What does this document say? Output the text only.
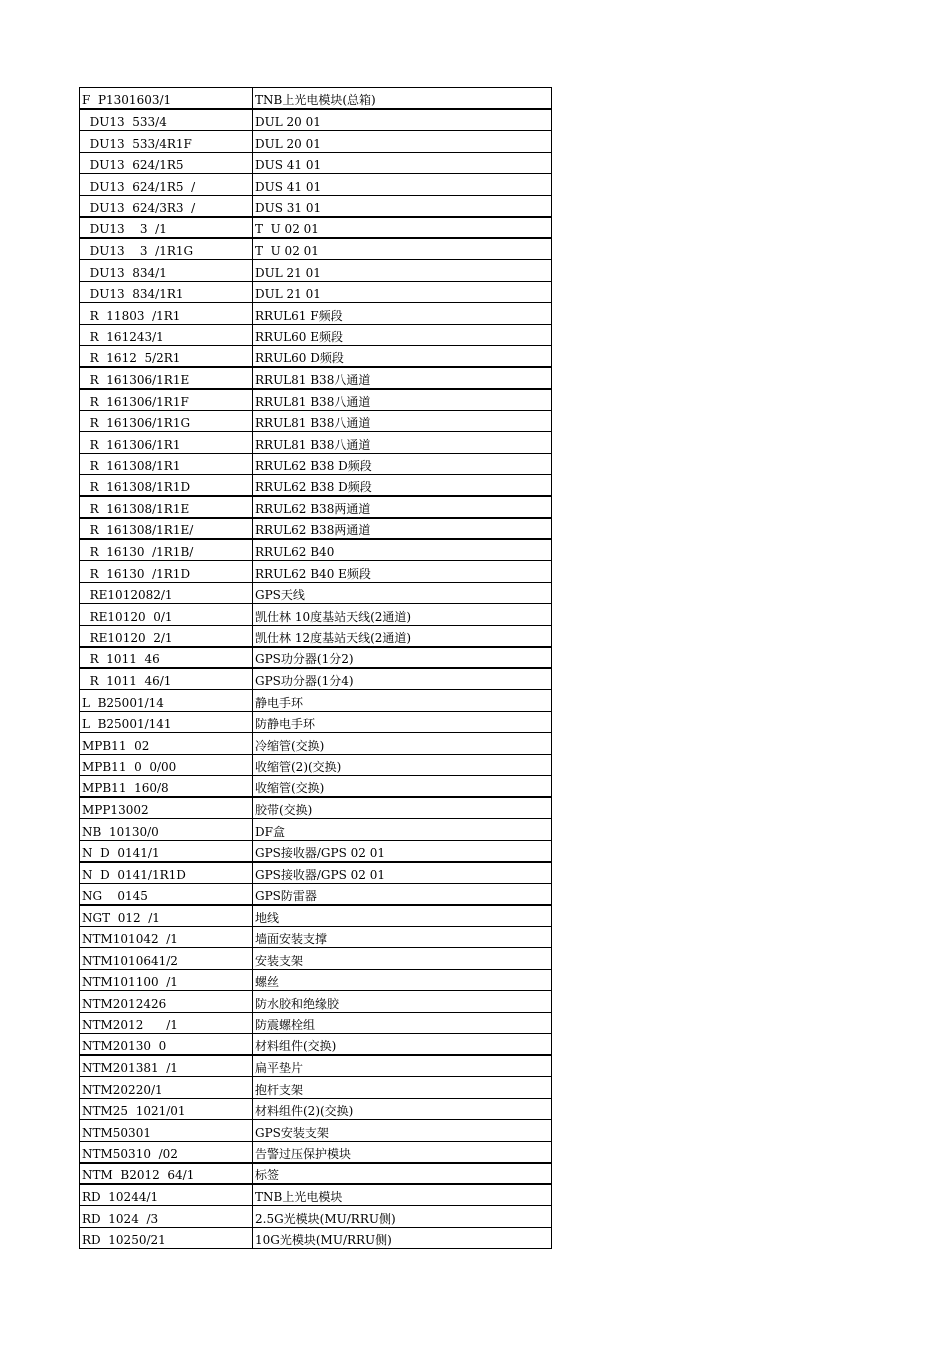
F  P1301603/1	TNB上光电模块(总箱)
DU13  533/4	DUL 20 01
DU13  533/4R1F	DUL 20 01
DU13  624/1R5	DUS 41 01
DU13  624/1R5  /	DUS 41 01
DU13  624/3R3  /	DUS 31 01
DU13    3  /1	T  U 02 01
DU13    3  /1R1G	T  U 02 01
DU13  834/1	DUL 21 01
DU13  834/1R1	DUL 21 01
R  11803  /1R1	RRUL61 F频段
R  161243/1	RRUL60 E频段
R  1612  5/2R1	RRUL60 D频段
R  161306/1R1E	RRUL81 B38八通道
R  161306/1R1F	RRUL81 B38八通道
R  161306/1R1G	RRUL81 B38八通道
R  161306/1R1	RRUL81 B38八通道
R  161308/1R1	RRUL62 B38 D频段
R  161308/1R1D	RRUL62 B38 D频段
R  161308/1R1E	RRUL62 B38两通道
R  161308/1R1E/	RRUL62 B38两通道
R  16130  /1R1B/	RRUL62 B40
R  16130  /1R1D	RRUL62 B40 E频段
RE1012082/1	GPS天线
RE10120  0/1	凯仕林 10度基站天线(2通道)
RE10120  2/1	凯仕林 12度基站天线(2通道)
R  1011  46	GPS功分器(1分2)
R  1011  46/1	GPS功分器(1分4)
L  B25001/14	静电手环
L  B25001/141	防静电手环
MPB11  02	冷缩管(交换)
MPB11  0  0/00	收缩管(2)(交换)
MPB11  160/8	收缩管(交换)
MPP13002	胶带(交换)
NB  10130/0	DF盒
N  D  0141/1	GPS接收器/GPS 02 01
N  D  0141/1R1D	GPS接收器/GPS 02 01
NG    0145	GPS防雷器
NGT  012  /1	地线
NTM101042  /1	墙面安装支撑
NTM1010641/2	安装支架
NTM101100  /1	螺丝
NTM2012426	防水胶和绝缘胶
NTM2012      /1	防震螺栓组
NTM20130  0	材料组件(交换)
NTM201381  /1	扁平垫片
NTM20220/1	抱杆支架
NTM25  1021/01	材料组件(2)(交换)
NTM50301	GPS安装支架
NTM50310  /02	告警过压保护模块
NTM  B2012  64/1	标签
RD  10244/1	TNB上光电模块
RD  1024  /3	2.5G光模块(MU/RRU侧)
RD  10250/21	10G光模块(MU/RRU侧)
